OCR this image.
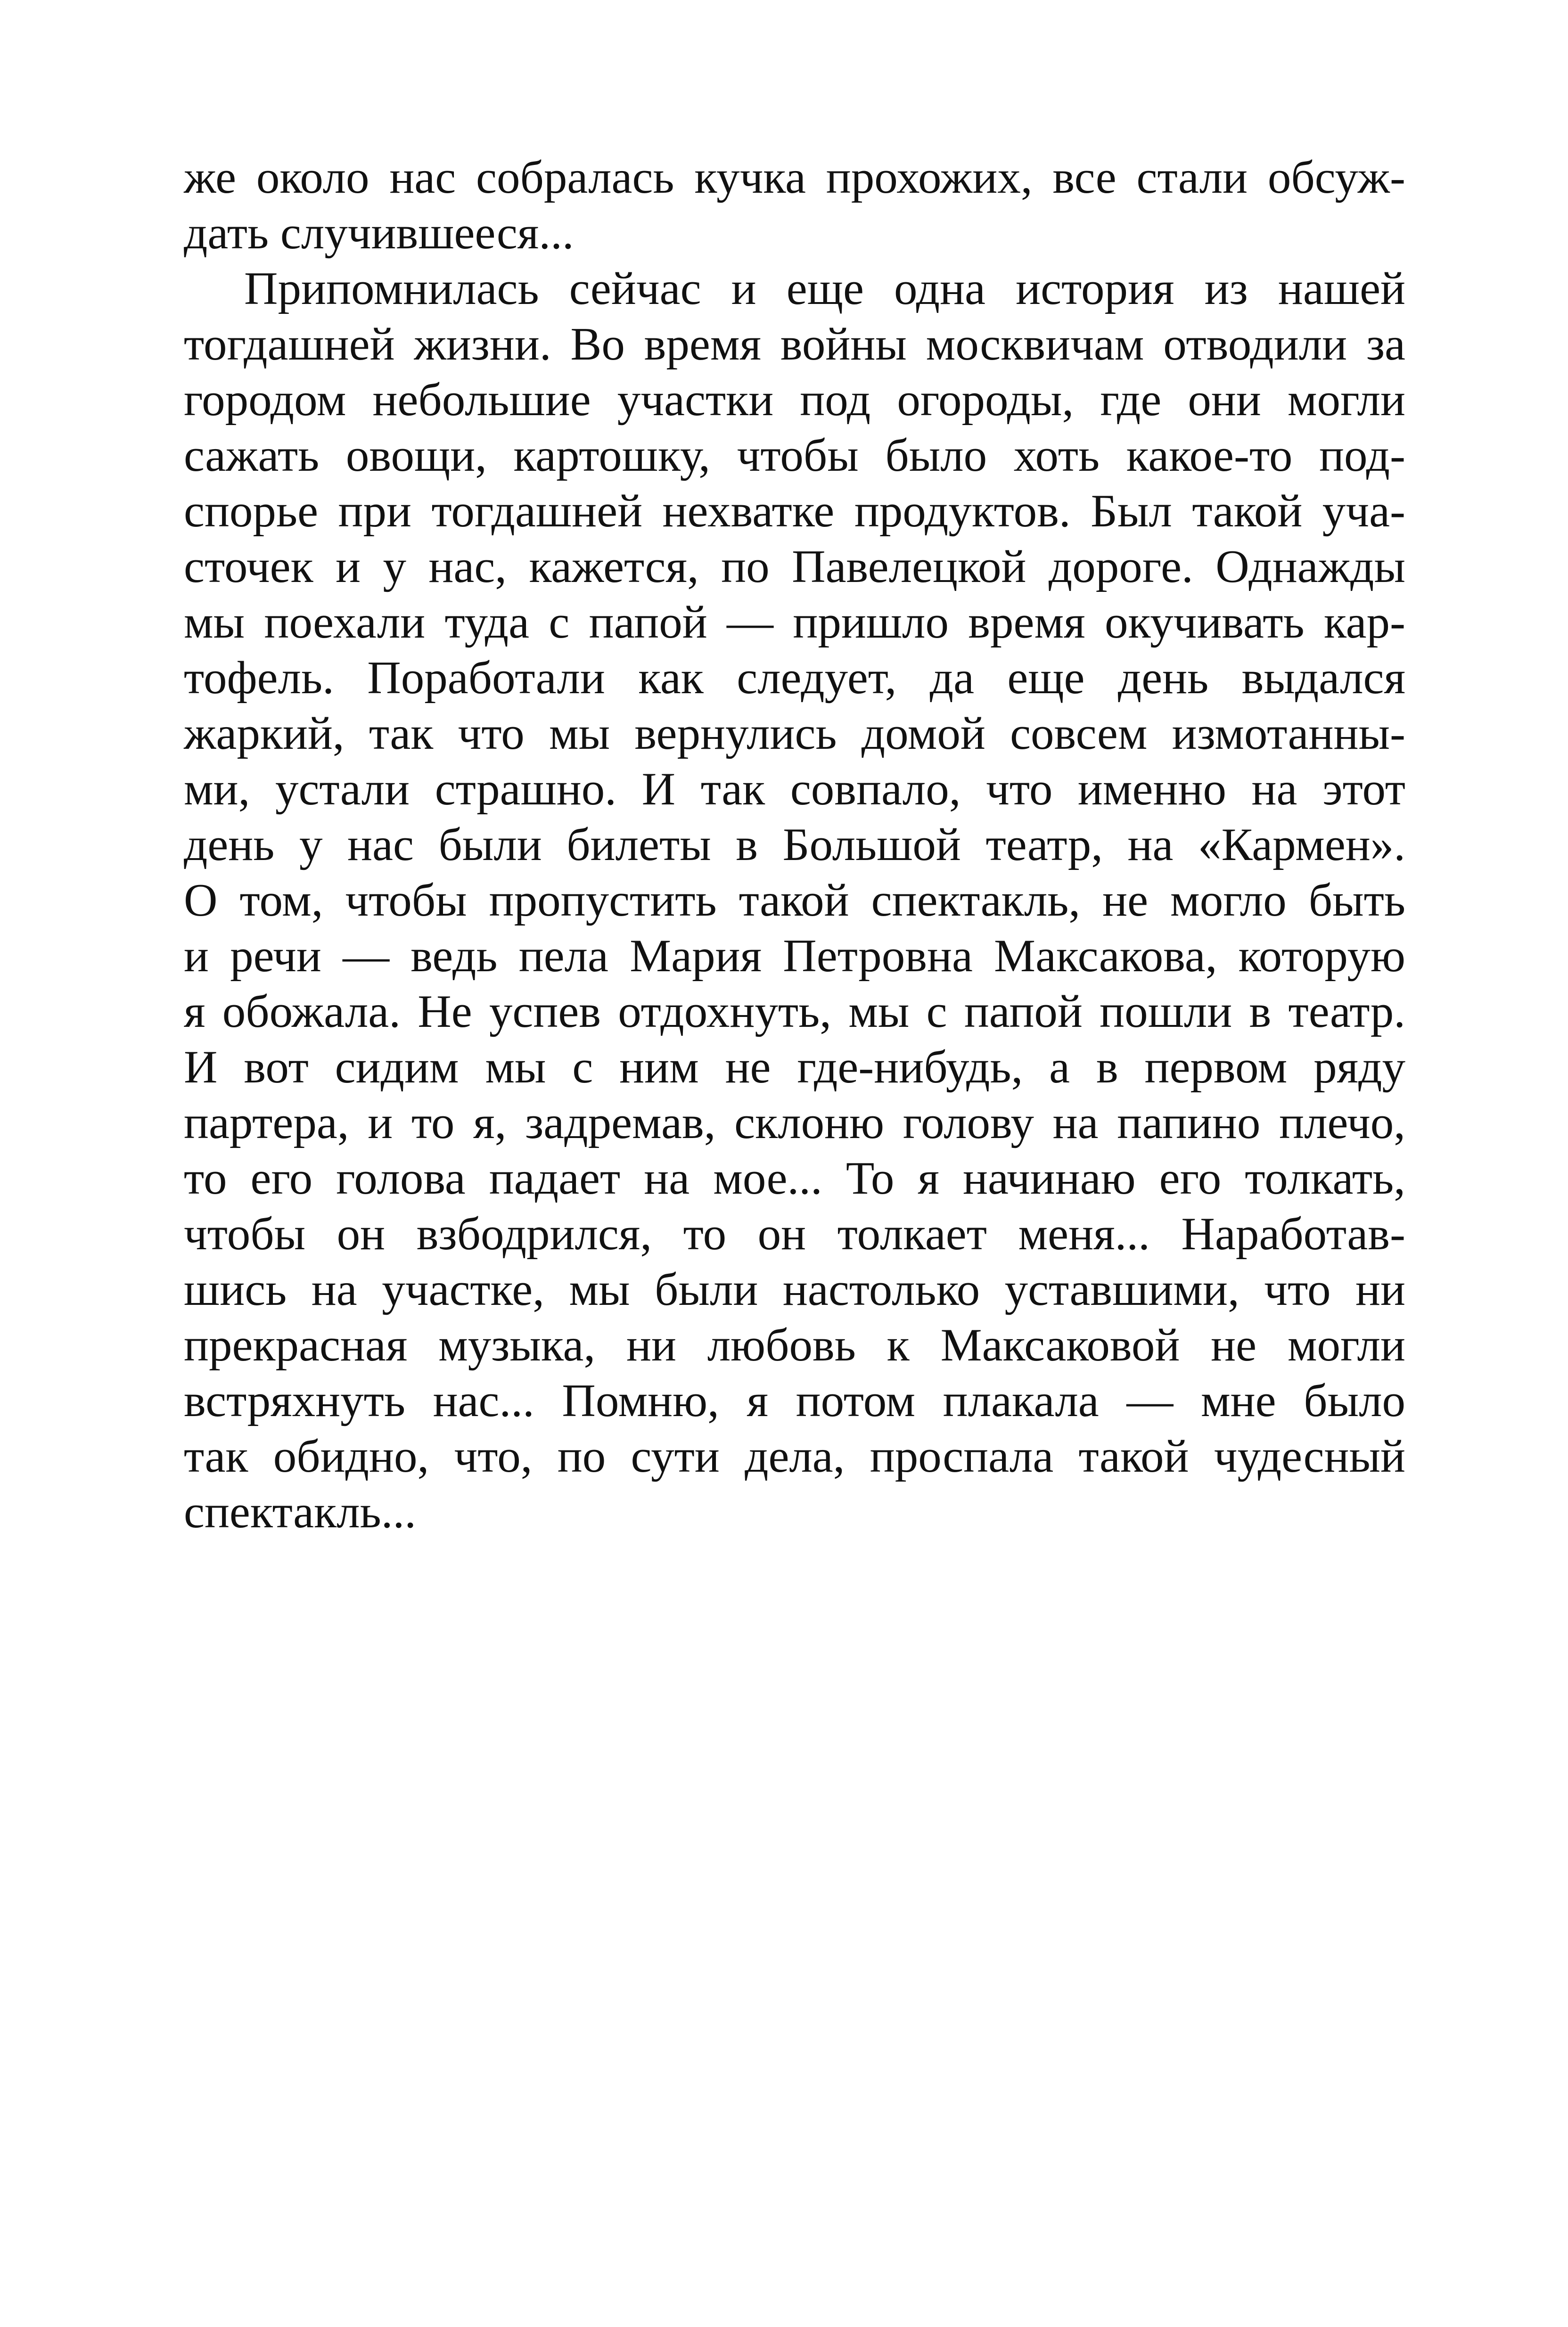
же около нас собралась кучка прохожих, все стали обсуж-
дать случившееся...
Припомнилась сейчас и еще одна история из нашей
тогдашней жизни. Во время войны москвичам отводили за
городом небольшие участки под огороды, где они могли
сажать овощи, картошку, чтобы было хоть какое-то под-
спорье при тогдашней нехватке продуктов. Был такой уча-
сточек и у нас, кажется, по Павелецкой дороге. Однажды
мы поехали туда с папой — пришло время окучивать кар-
тофель. Поработали как следует, да еще день выдался
жаркий, так что мы вернулись домой совсем измотанны-
ми, устали страшно. И так совпало, что именно на этот
день у нас были билеты в Большой театр, на «Кармен».
О том, чтобы пропустить такой спектакль, не могло быть
и речи — ведь пела Мария Петровна Максакова, которую
я обожала. Не успев отдохнуть, мы с папой пошли в театр.
И вот сидим мы с ним не где-нибудь, а в первом ряду
партера, и то я, задремав, склоню голову на папино плечо,
то его голова падает на мое... То я начинаю его толкать,
чтобы он взбодрился, то он толкает меня... Наработав-
шись на участке, мы были настолько уставшими, что ни
прекрасная музыка, ни любовь к Максаковой не могли
встряхнуть нас... Помню, я потом плакала — мне было
так обидно, что, по сути дела, проспала такой чудесный
спектакль...
